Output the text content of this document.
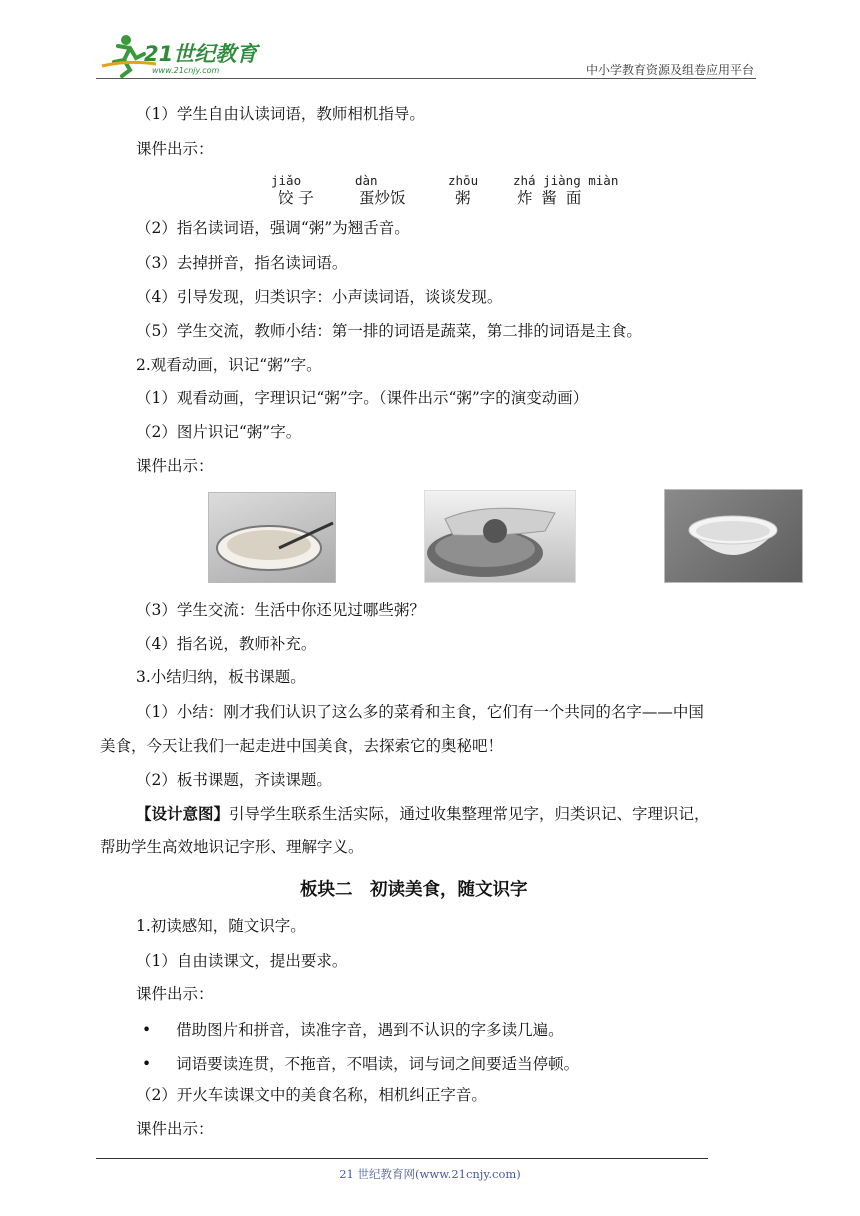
21世纪教育
www.21cnjy.com	中小学教育资源及组卷应用平台
（1）学生自由认读词语，教师相机指导。
课件出示：
jiǎo
饺 子
dàn
蛋炒饭
zhōu
粥
zhá jiàng miàn
炸 酱 面
（2）指名读词语，强调“粥”为翘舌音。
（3）去掉拼音，指名读词语。
（4）引导发现，归类识字：小声读词语，谈谈发现。
（5）学生交流，教师小结：第一排的词语是蔬菜，第二排的词语是主食。
2.观看动画，识记“粥”字。
（1）观看动画，字理识记“粥”字。（课件出示“粥”字的演变动画）
（2）图片识记“粥”字。
课件出示：
（3）学生交流：生活中你还见过哪些粥？
（4）指名说，教师补充。
3.小结归纳，板书课题。
（1）小结：刚才我们认识了这么多的菜肴和主食，它们有一个共同的名字——中国
美食，今天让我们一起走进中国美食，去探索它的奥秘吧！
（2）板书课题，齐读课题。
【设计意图】引导学生联系生活实际，通过收集整理常见字，归类识记、字理识记，
帮助学生高效地识记字形、理解字义。
板块二　初读美食，随文识字
1.初读感知，随文识字。
（1）自由读课文，提出要求。
课件出示：
• 借助图片和拼音，读准字音，遇到不认识的字多读几遍。
• 词语要读连贯，不拖音，不唱读，词与词之间要适当停顿。
（2）开火车读课文中的美食名称，相机纠正字音。
课件出示：
21 世纪教育网(www.21cnjy.com)
